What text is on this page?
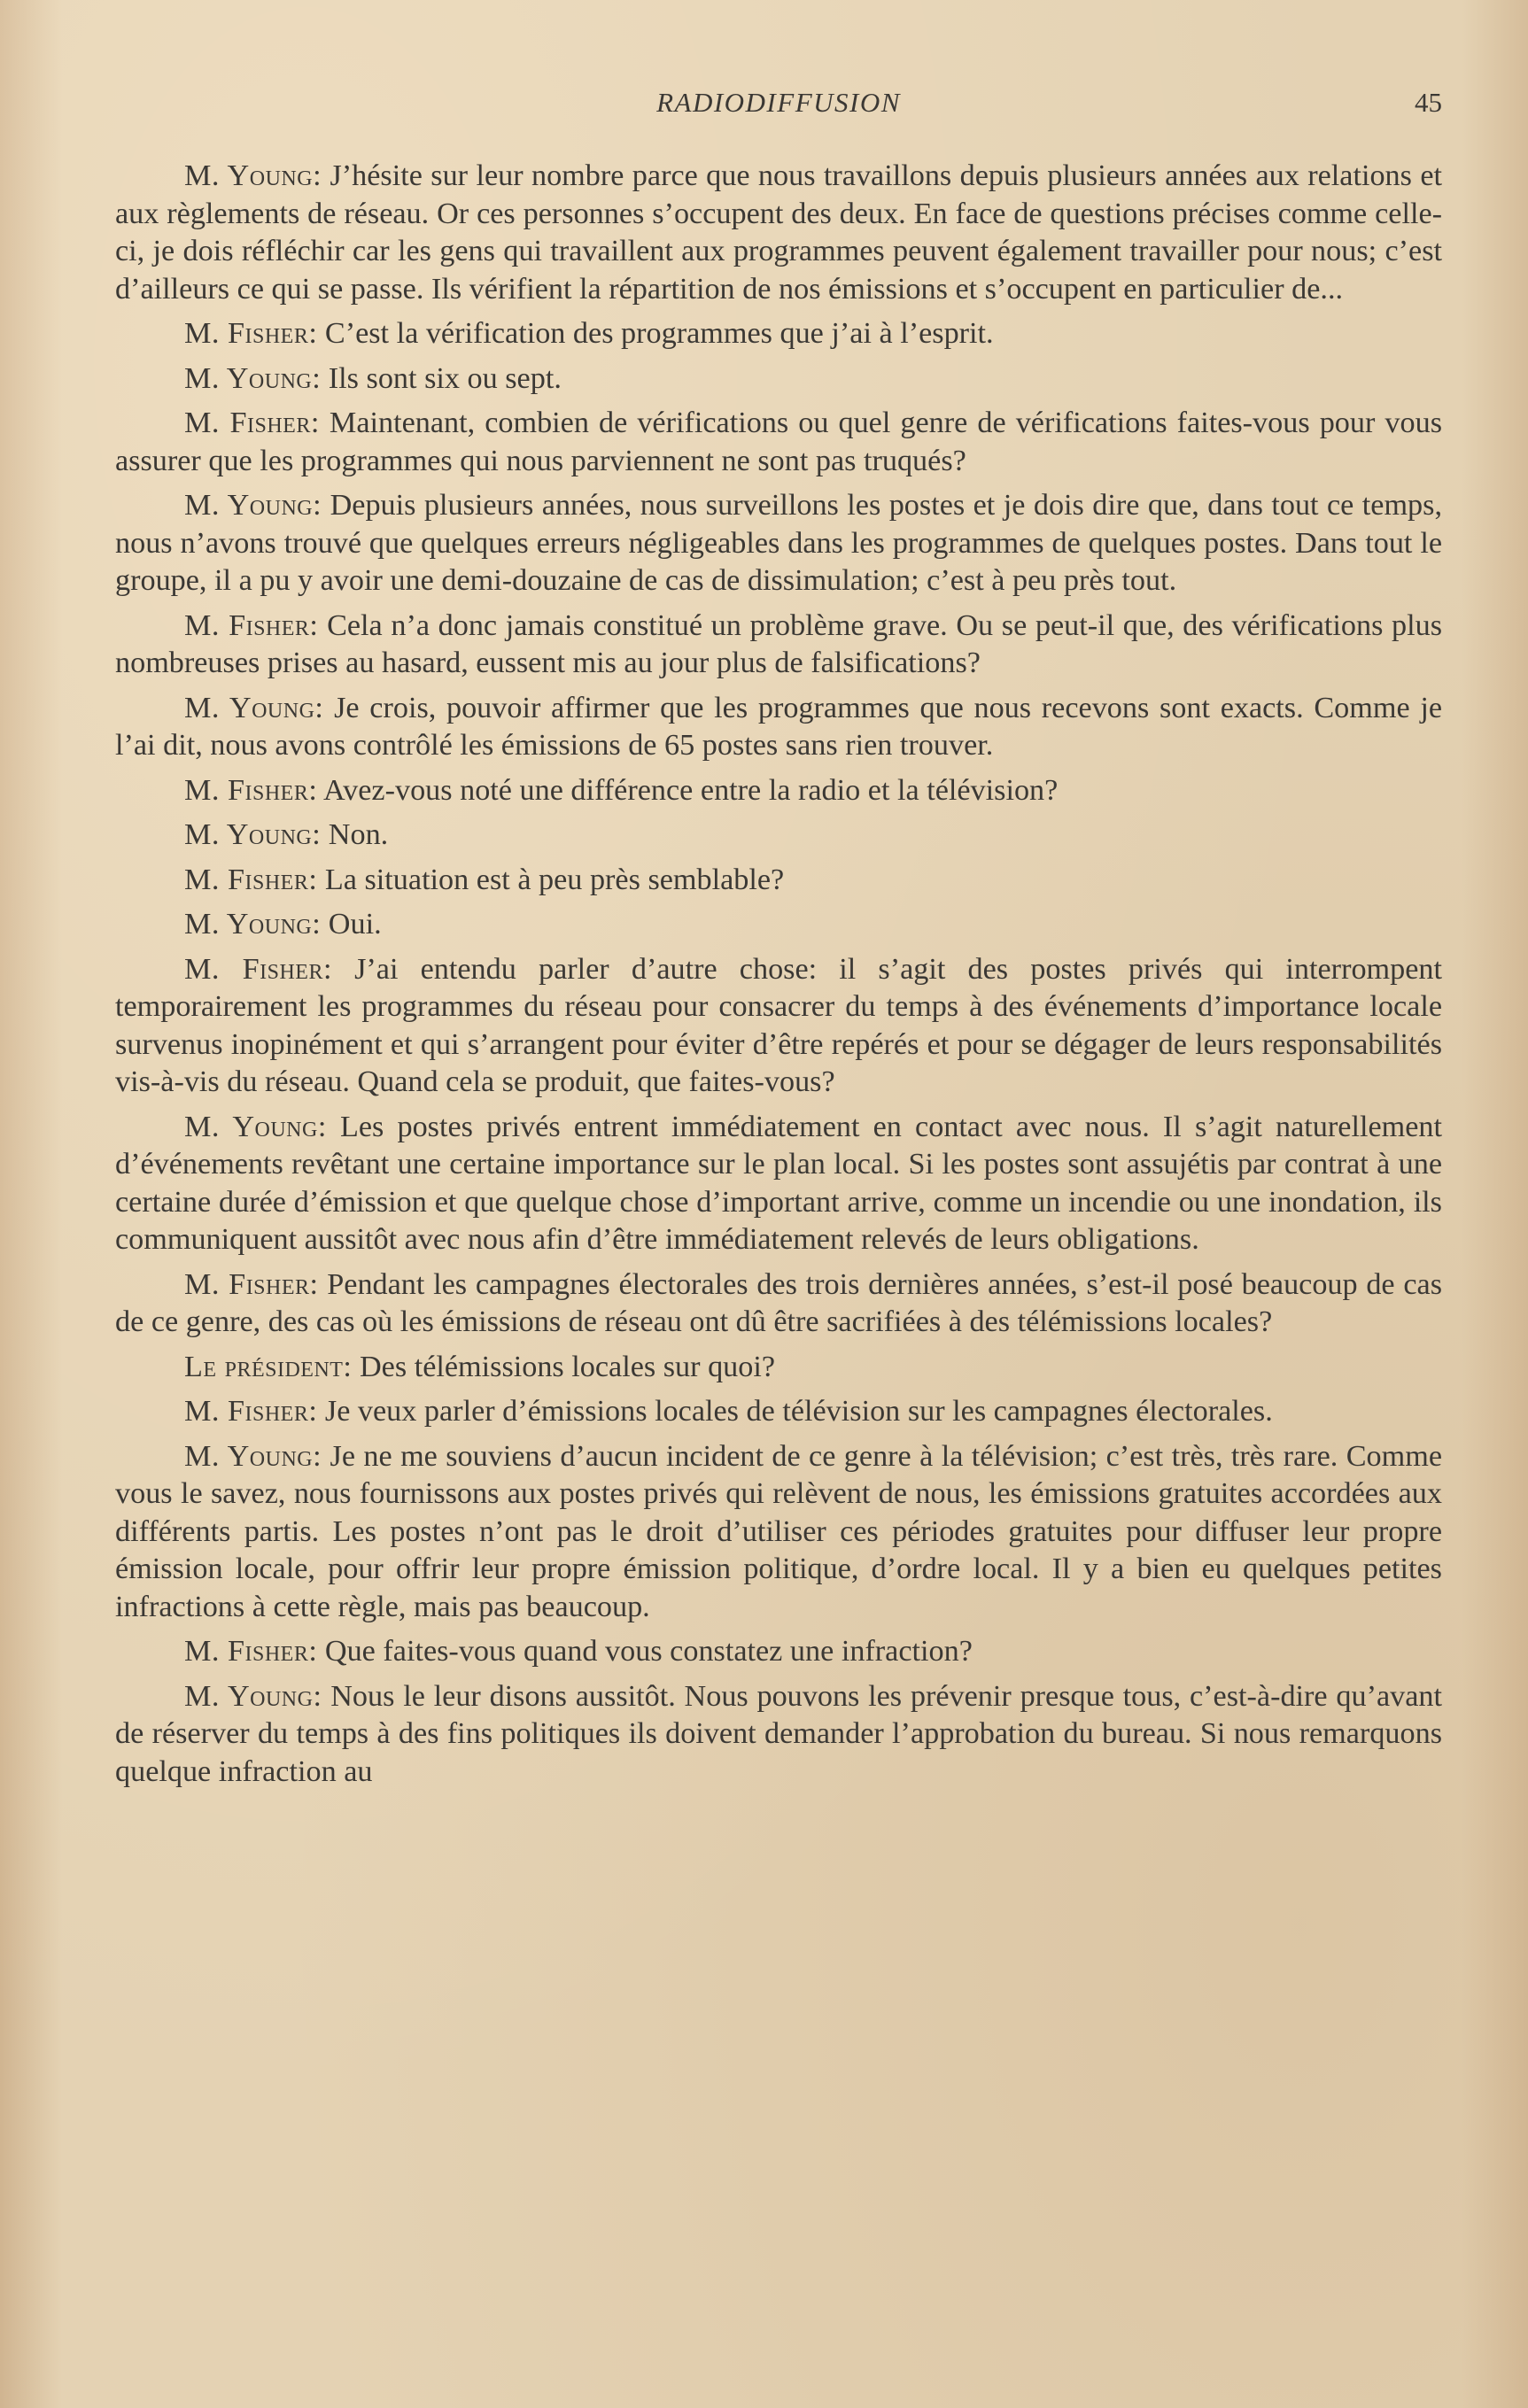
RADIODIFFUSION	45

M. Young: J’hésite sur leur nombre parce que nous travaillons depuis plusieurs années aux relations et aux règlements de réseau. Or ces personnes s’occupent des deux. En face de questions précises comme celle-ci, je dois réfléchir car les gens qui travaillent aux programmes peuvent également travailler pour nous; c’est d’ailleurs ce qui se passe. Ils vérifient la répartition de nos émissions et s’occupent en particulier de...

M. Fisher: C’est la vérification des programmes que j’ai à l’esprit.

M. Young: Ils sont six ou sept.

M. Fisher: Maintenant, combien de vérifications ou quel genre de vérifications faites-vous pour vous assurer que les programmes qui nous parviennent ne sont pas truqués?

M. Young: Depuis plusieurs années, nous surveillons les postes et je dois dire que, dans tout ce temps, nous n’avons trouvé que quelques erreurs négligeables dans les programmes de quelques postes. Dans tout le groupe, il a pu y avoir une demi-douzaine de cas de dissimulation; c’est à peu près tout.

M. Fisher: Cela n’a donc jamais constitué un problème grave. Ou se peut-il que, des vérifications plus nombreuses prises au hasard, eussent mis au jour plus de falsifications?

M. Young: Je crois, pouvoir affirmer que les programmes que nous recevons sont exacts. Comme je l’ai dit, nous avons contrôlé les émissions de 65 postes sans rien trouver.

M. Fisher: Avez-vous noté une différence entre la radio et la télévision?

M. Young: Non.

M. Fisher: La situation est à peu près semblable?

M. Young: Oui.

M. Fisher: J’ai entendu parler d’autre chose: il s’agit des postes privés qui interrompent temporairement les programmes du réseau pour consacrer du temps à des événements d’importance locale survenus inopinément et qui s’arrangent pour éviter d’être repérés et pour se dégager de leurs responsabilités vis-à-vis du réseau. Quand cela se produit, que faites-vous?

M. Young: Les postes privés entrent immédiatement en contact avec nous. Il s’agit naturellement d’événements revêtant une certaine importance sur le plan local. Si les postes sont assujétis par contrat à une certaine durée d’émission et que quelque chose d’important arrive, comme un incendie ou une inondation, ils communiquent aussitôt avec nous afin d’être immédiatement relevés de leurs obligations.

M. Fisher: Pendant les campagnes électorales des trois dernières années, s’est-il posé beaucoup de cas de ce genre, des cas où les émissions de réseau ont dû être sacrifiées à des télémissions locales?

Le président: Des télémissions locales sur quoi?

M. Fisher: Je veux parler d’émissions locales de télévision sur les campagnes électorales.

M. Young: Je ne me souviens d’aucun incident de ce genre à la télévision; c’est très, très rare. Comme vous le savez, nous fournissons aux postes privés qui relèvent de nous, les émissions gratuites accordées aux différents partis. Les postes n’ont pas le droit d’utiliser ces périodes gratuites pour diffuser leur propre émission locale, pour offrir leur propre émission politique, d’ordre local. Il y a bien eu quelques petites infractions à cette règle, mais pas beaucoup.

M. Fisher: Que faites-vous quand vous constatez une infraction?

M. Young: Nous le leur disons aussitôt. Nous pouvons les prévenir presque tous, c’est-à-dire qu’avant de réserver du temps à des fins politiques ils doivent demander l’approbation du bureau. Si nous remarquons quelque infraction au
